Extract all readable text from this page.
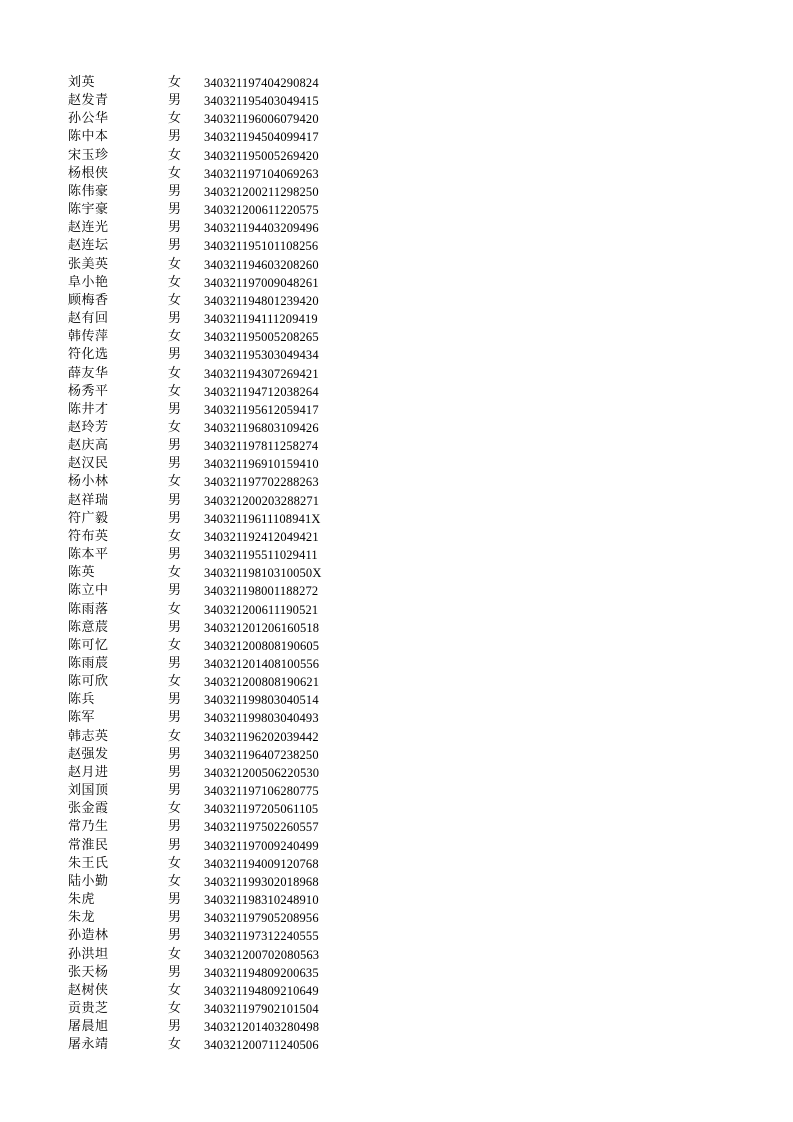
刘英	女	340321197404290824
赵发青	男	340321195403049415
孙公华	女	340321196006079420
陈中本	男	340321194504099417
宋玉珍	女	340321195005269420
杨根侠	女	340321197104069263
陈伟豪	男	340321200211298250
陈宇豪	男	340321200611220575
赵连光	男	340321194403209496
赵连坛	男	340321195101108256
张美英	女	340321194603208260
阜小艳	女	340321197009048261
顾梅香	女	340321194801239420
赵有回	男	340321194111209419
韩传萍	女	340321195005208265
符化选	男	340321195303049434
薛友华	女	340321194307269421
杨秀平	女	340321194712038264
陈井才	男	340321195612059417
赵玲芳	女	340321196803109426
赵庆高	男	340321197811258274
赵汉民	男	340321196910159410
杨小林	女	340321197702288263
赵祥瑞	男	340321200203288271
符广毅	男	34032119611108941X
符布英	女	340321192412049421
陈本平	男	340321195511029411
陈英	女	34032119810310050X
陈立中	男	340321198001188272
陈雨落	女	340321200611190521
陈意莀	男	340321201206160518
陈可忆	女	340321200808190605
陈雨莀	男	340321201408100556
陈可欣	女	340321200808190621
陈兵	男	340321199803040514
陈军	男	340321199803040493
韩志英	女	340321196202039442
赵强发	男	340321196407238250
赵月进	男	340321200506220530
刘国顶	男	340321197106280775
张金霞	女	340321197205061105
常乃生	男	340321197502260557
常淮民	男	340321197009240499
朱王氏	女	340321194009120768
陆小勤	女	340321199302018968
朱虎	男	340321198310248910
朱龙	男	340321197905208956
孙造林	男	340321197312240555
孙洪坦	女	340321200702080563
张天杨	男	340321194809200635
赵树侠	女	340321194809210649
贡贵芝	女	340321197902101504
屠晨旭	男	340321201403280498
屠永靖	女	340321200711240506
